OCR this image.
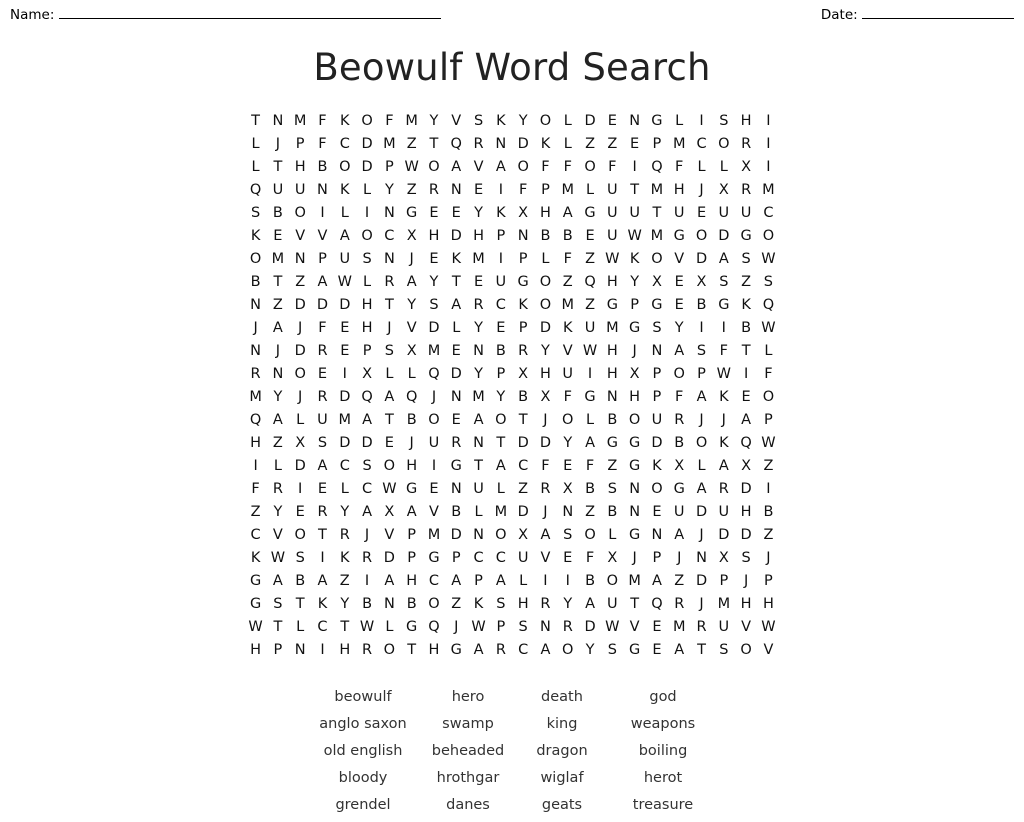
Name:	Date:
Beowulf Word Search
T N M F K O F M Y V S K Y O L D E N G L	I	S H	I
L	J	P F C D M Z T Q R N D K L Z Z E P M C O R	I
L T H B O D P W O A V A O F F O F	I Q F L L X	I
Q U U N K L Y Z R N E	I	F P M L U T M H	J	X R M
S B O I	L	I	N G E E Y K X H A G U U T U E U U C
K E V V A O C X H D H P N B B E U W M G O D G O
O M N P U S N	J	E K M I	P L F Z W K O V D A S W
B T Z A W L R A Y T E U G O Z Q H Y X E X S Z S
N Z D D D H T Y S A R C K O M Z G P G E B G K Q
J	A	J	F E H	J	V D L Y E P D K U M G S Y	I	I	B W
N	J	D R E P S X M E N B R Y V W H	J	N A S F T L
R N O E	I	X L L Q D Y P X H U	I	H X P O P W I	F
M Y	J	R D Q A Q J	N M Y B X F G N H P F A K E O
Q A L U M A T B O E A O T	J O L B O U R	J	J	A P
H Z X S D D E	J	U R N T D D Y A G G D B O K Q W
I	L D A C S O H	I	G T A C F E F Z G K X L A X Z
F R	I	E L C W G E N U L Z R X B S N O G A R D	I
Z Y E R Y A X A V B L M D	J	N Z B N E U D U H B
C V O T R	J	V P M D N O X A S O L G N A	J	D D Z
K W S	I	K R D P G P C C U V E F X	J	P	J	N X S	J
G A B A Z	I	A H C A P A L	I	I	B O M A Z D P	J	P
G S T K Y B N B O Z K S H R Y A U T Q R	J M H H
W T L C T W L G Q J W P S N R D W V E M R U V W
H P N	I	H R O T H G A R C A O Y S G E A T S O V
beowulf	hero	death	god
anglo saxon	swamp	king	weapons
old english	beheaded	dragon	boiling
bloody	hrothgar	wiglaf	herot
grendel	danes	geats	treasure
